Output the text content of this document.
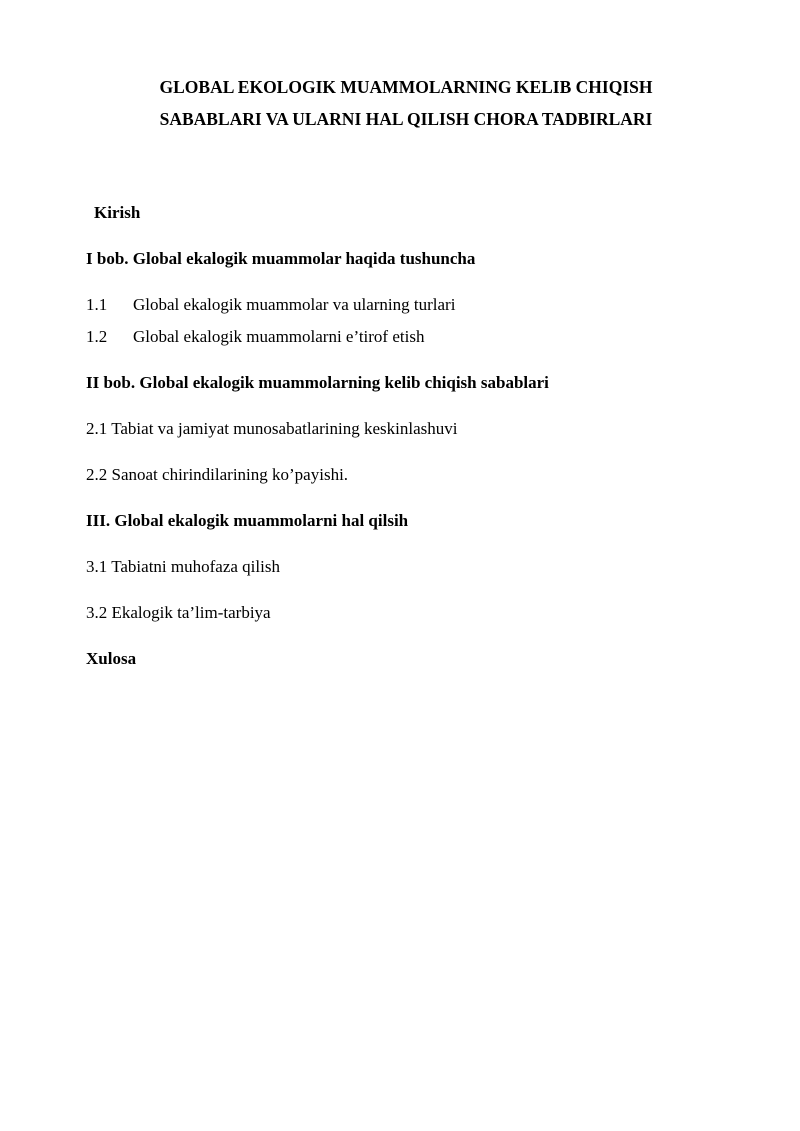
GLOBAL EKOLOGIK MUAMMOLARNING KELIB CHIQISH
SABABLARI VA ULARNI HAL QILISH CHORA TADBIRLARI
Kirish
I bob. Global ekalogik muammolar haqida tushuncha
1.1 Global ekalogik muammolar va ularning turlari
1.2 Global ekalogik muammolarni e’tirof etish
II bob. Global ekalogik muammolarning kelib chiqish sabablari
2.1 Tabiat va jamiyat munosabatlarining keskinlashuvi
2.2 Sanoat chirindilarining ko’payishi.
III. Global ekalogik muammolarni hal qilsih
3.1 Tabiatni muhofaza qilish
3.2 Ekalogik ta’lim-tarbiya
Xulosa
